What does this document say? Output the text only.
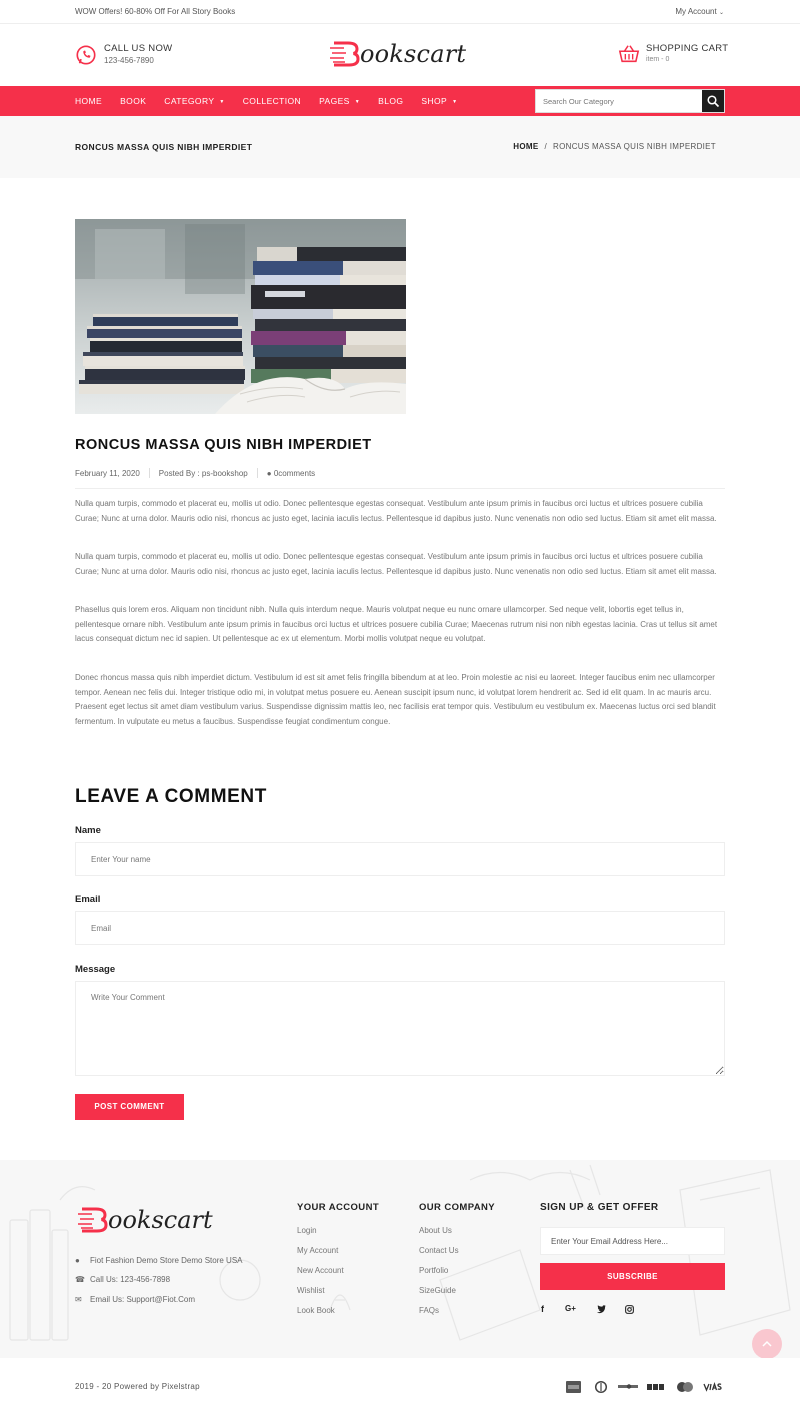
WOW Offers! 60-80% Off For All Story Books	My Account ⌄
CALL US NOW
123-456-7890	ookscart	SHOPPING CART
item - 0
HOME BOOK CATEGORY ▼ COLLECTION PAGES ▼ BLOG SHOP ▼
Search Our Category
RONCUS MASSA QUIS NIBH IMPERDIET	HOME / RONCUS MASSA QUIS NIBH IMPERDIET
RONCUS MASSA QUIS NIBH IMPERDIET
February 11, 2020 Posted By : ps-bookshop ● 0comments

Nulla quam turpis, commodo et placerat eu, mollis ut odio. Donec pellentesque egestas consequat. Vestibulum ante ipsum primis in faucibus orci luctus et ultrices posuere cubilia Curae; Nunc at urna dolor. Mauris odio nisi, rhoncus ac justo eget, lacinia iaculis lectus. Pellentesque id dapibus justo. Nunc venenatis non odio sed luctus. Etiam sit amet elit massa.

Nulla quam turpis, commodo et placerat eu, mollis ut odio. Donec pellentesque egestas consequat. Vestibulum ante ipsum primis in faucibus orci luctus et ultrices posuere cubilia Curae; Nunc at urna dolor. Mauris odio nisi, rhoncus ac justo eget, lacinia iaculis lectus. Pellentesque id dapibus justo. Nunc venenatis non odio sed luctus. Etiam sit amet elit massa.

Phasellus quis lorem eros. Aliquam non tincidunt nibh. Nulla quis interdum neque. Mauris volutpat neque eu nunc ornare ullamcorper. Sed neque velit, lobortis eget tellus in, pellentesque ornare nibh. Vestibulum ante ipsum primis in faucibus orci luctus et ultrices posuere cubilia Curae; Maecenas rutrum nisi non nibh egestas lacinia. Cras ut tellus sit amet lacus consequat dictum nec id sapien. Ut pellentesque ac ex ut elementum. Morbi mollis volutpat neque eu volutpat.

Donec rhoncus massa quis nibh imperdiet dictum. Vestibulum id est sit amet felis fringilla bibendum at at leo. Proin molestie ac nisi eu laoreet. Integer faucibus enim nec ullamcorper tempor. Aenean nec felis dui. Integer tristique odio mi, in volutpat metus posuere eu. Aenean suscipit ipsum nunc, id volutpat lorem hendrerit ac. Sed id elit quam. In ac mauris arcu. Praesent eget lectus sit amet diam vestibulum varius. Suspendisse dignissim mattis leo, nec facilisis erat tempor quis. Vestibulum eu vestibulum ex. Maecenas luctus orci sed blandit fermentum. In vulputate eu metus a faucibus. Suspendisse feugiat condimentum congue.

LEAVE A COMMENT
Name
Enter Your name
Email
Email
Message
Write Your Comment
POST COMMENT
ookscart
● Fiot Fashion Demo Store Demo Store USA
☎ Call Us: 123-456-7898
✉ Email Us: Support@Fiot.Com
YOUR ACCOUNT
Login
My Account
New Account
Wishlist
Look Book
OUR COMPANY
About Us
Contact Us
Portfolio
SizeGuide
FAQs
SIGN UP & GET OFFER
Enter Your Email Address Here...
SUBSCRIBE
f	G+
2019 - 20 Powered by Pixelstrap
